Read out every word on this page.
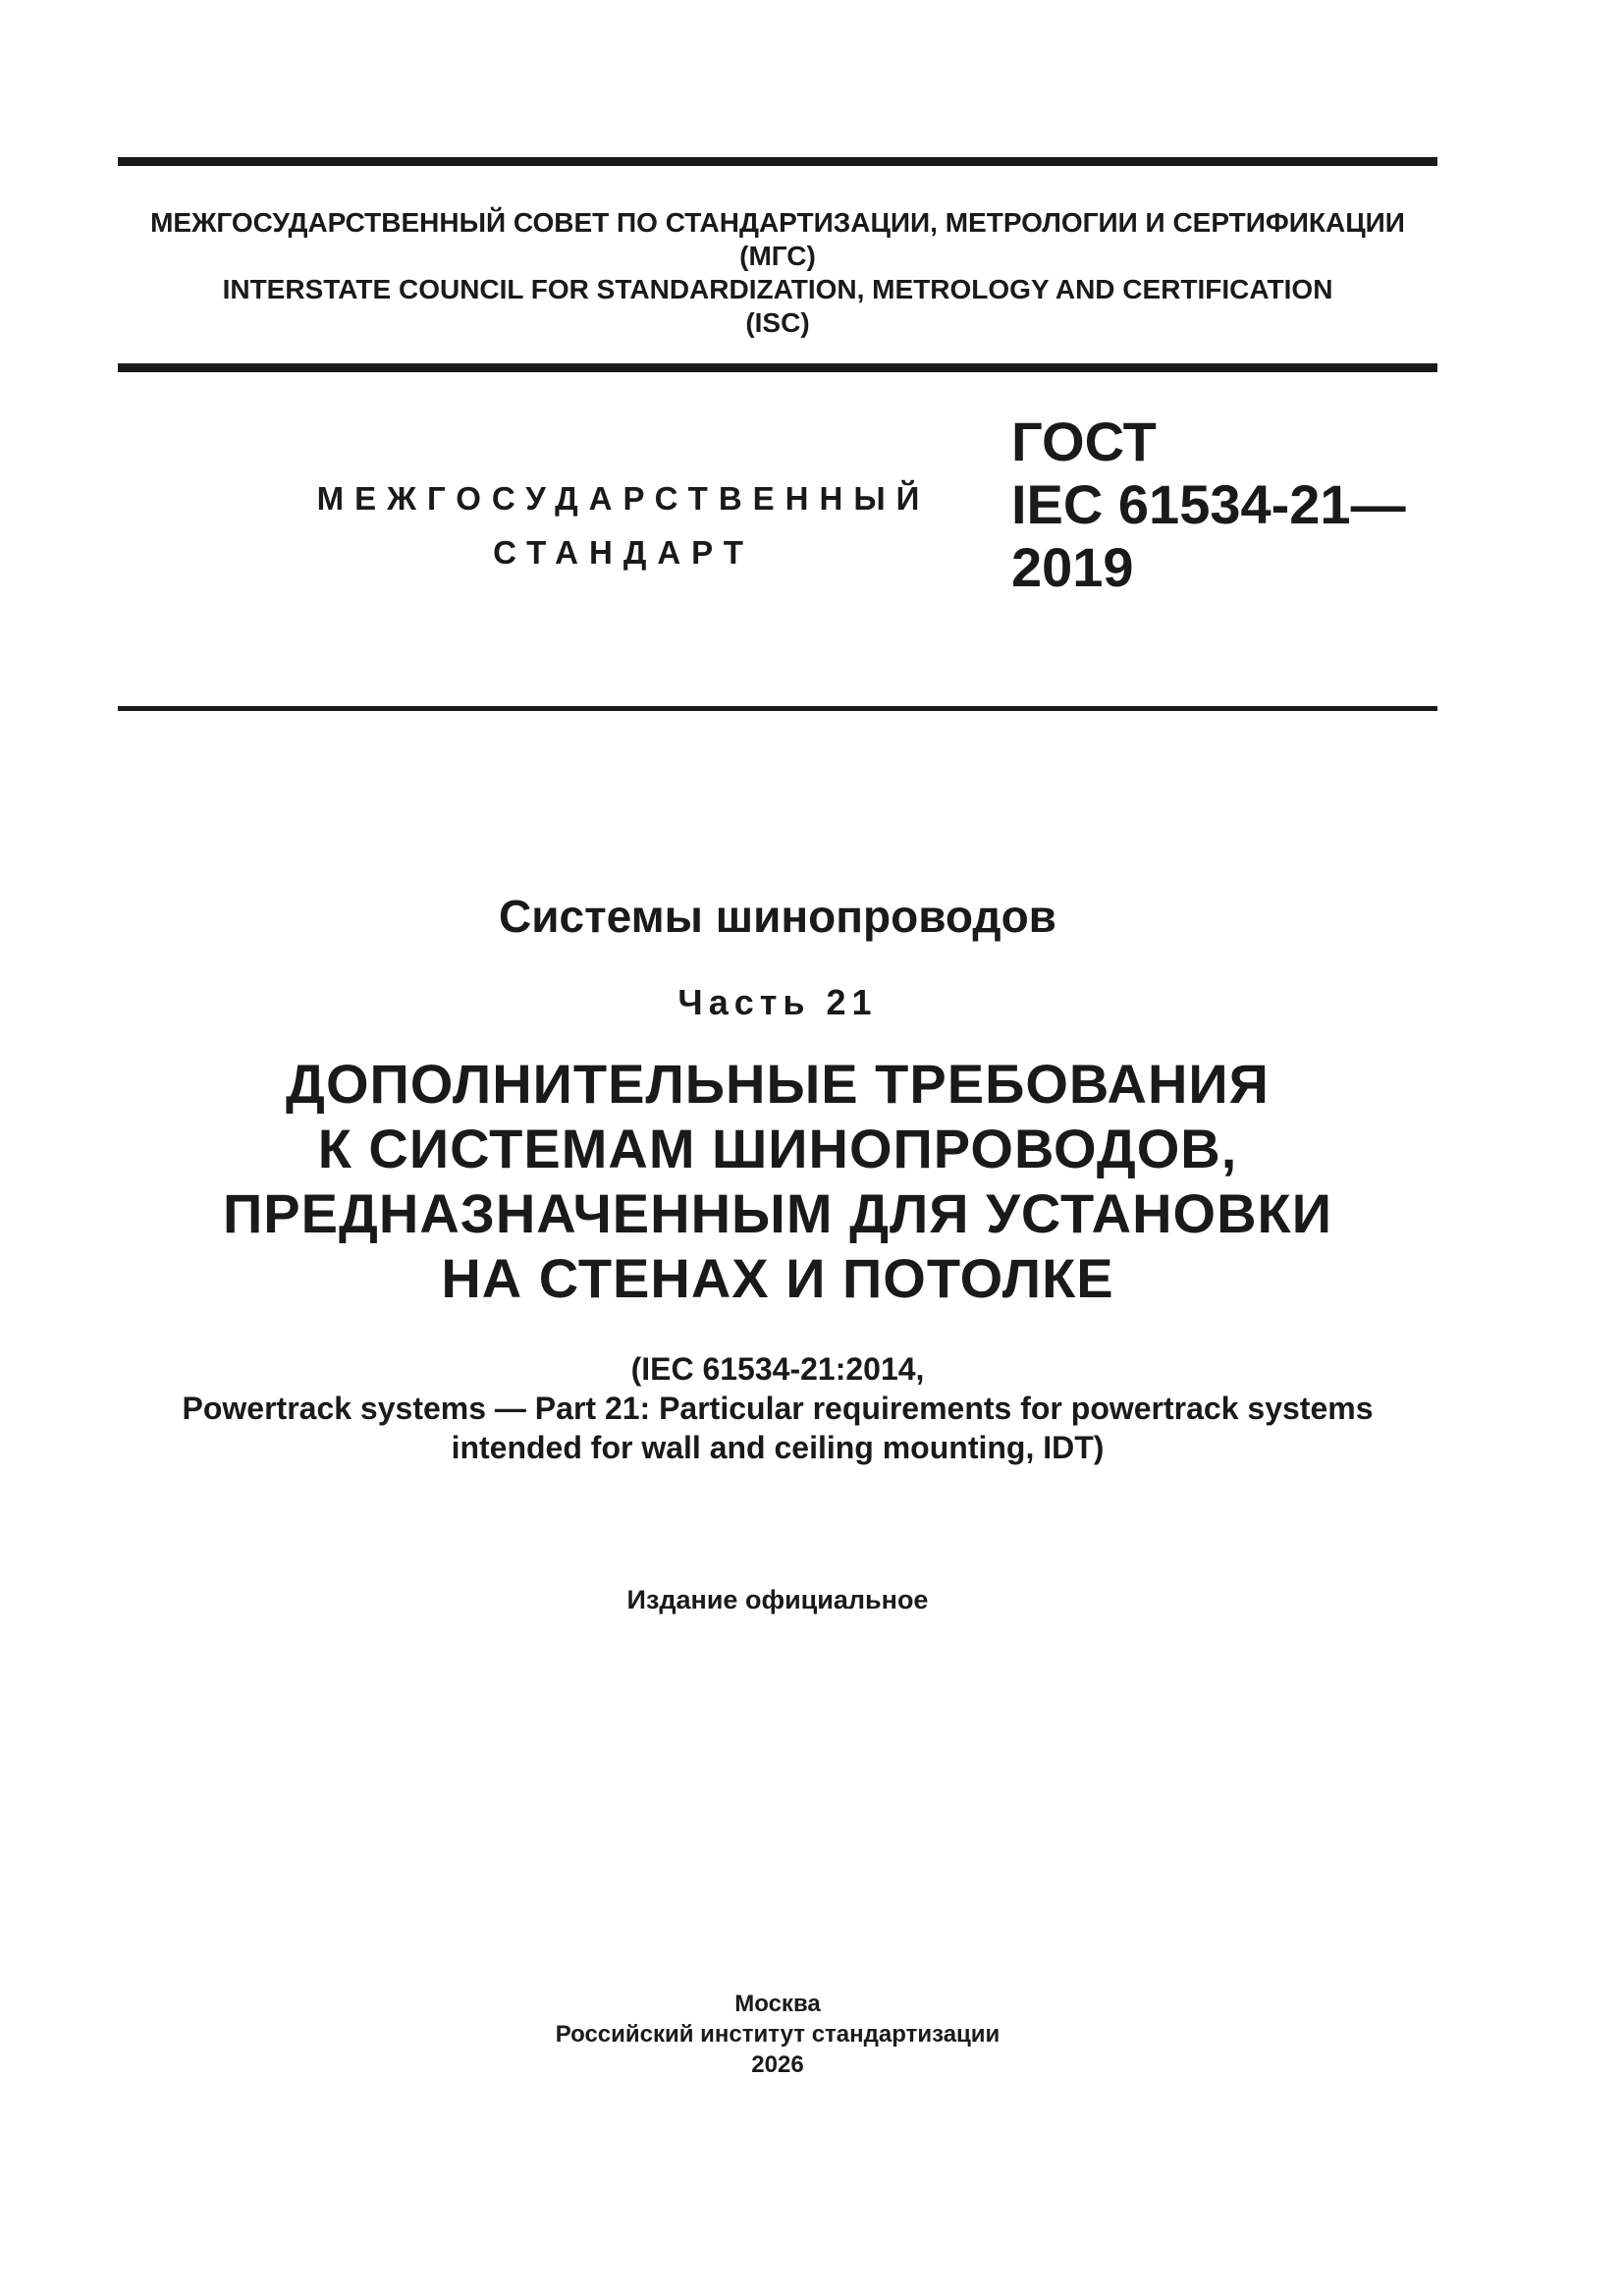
МЕЖГОСУДАРСТВЕННЫЙ СОВЕТ ПО СТАНДАРТИЗАЦИИ, МЕТРОЛОГИИ И СЕРТИФИКАЦИИ

(МГС)

INTERSTATE COUNCIL FOR STANDARDIZATION, METROLOGY AND CERTIFICATION

(ISC)

МЕЖГОСУДАРСТВЕННЫЙ
СТАНДАРТ
ГОСТ
IEC 61534-21—
2019
Системы шинопроводов
Часть 21
ДОПОЛНИТЕЛЬНЫЕ ТРЕБОВАНИЯ
К СИСТЕМАМ ШИНОПРОВОДОВ,
ПРЕДНАЗНАЧЕННЫМ ДЛЯ УСТАНОВКИ
НА СТЕНАХ И ПОТОЛКЕ
(IEC 61534-21:2014,
Powertrack systems — Part 21: Particular requirements for powertrack systems
intended for wall and ceiling mounting, IDT)
Издание официальное
Москва
Российский институт стандартизации
2026
